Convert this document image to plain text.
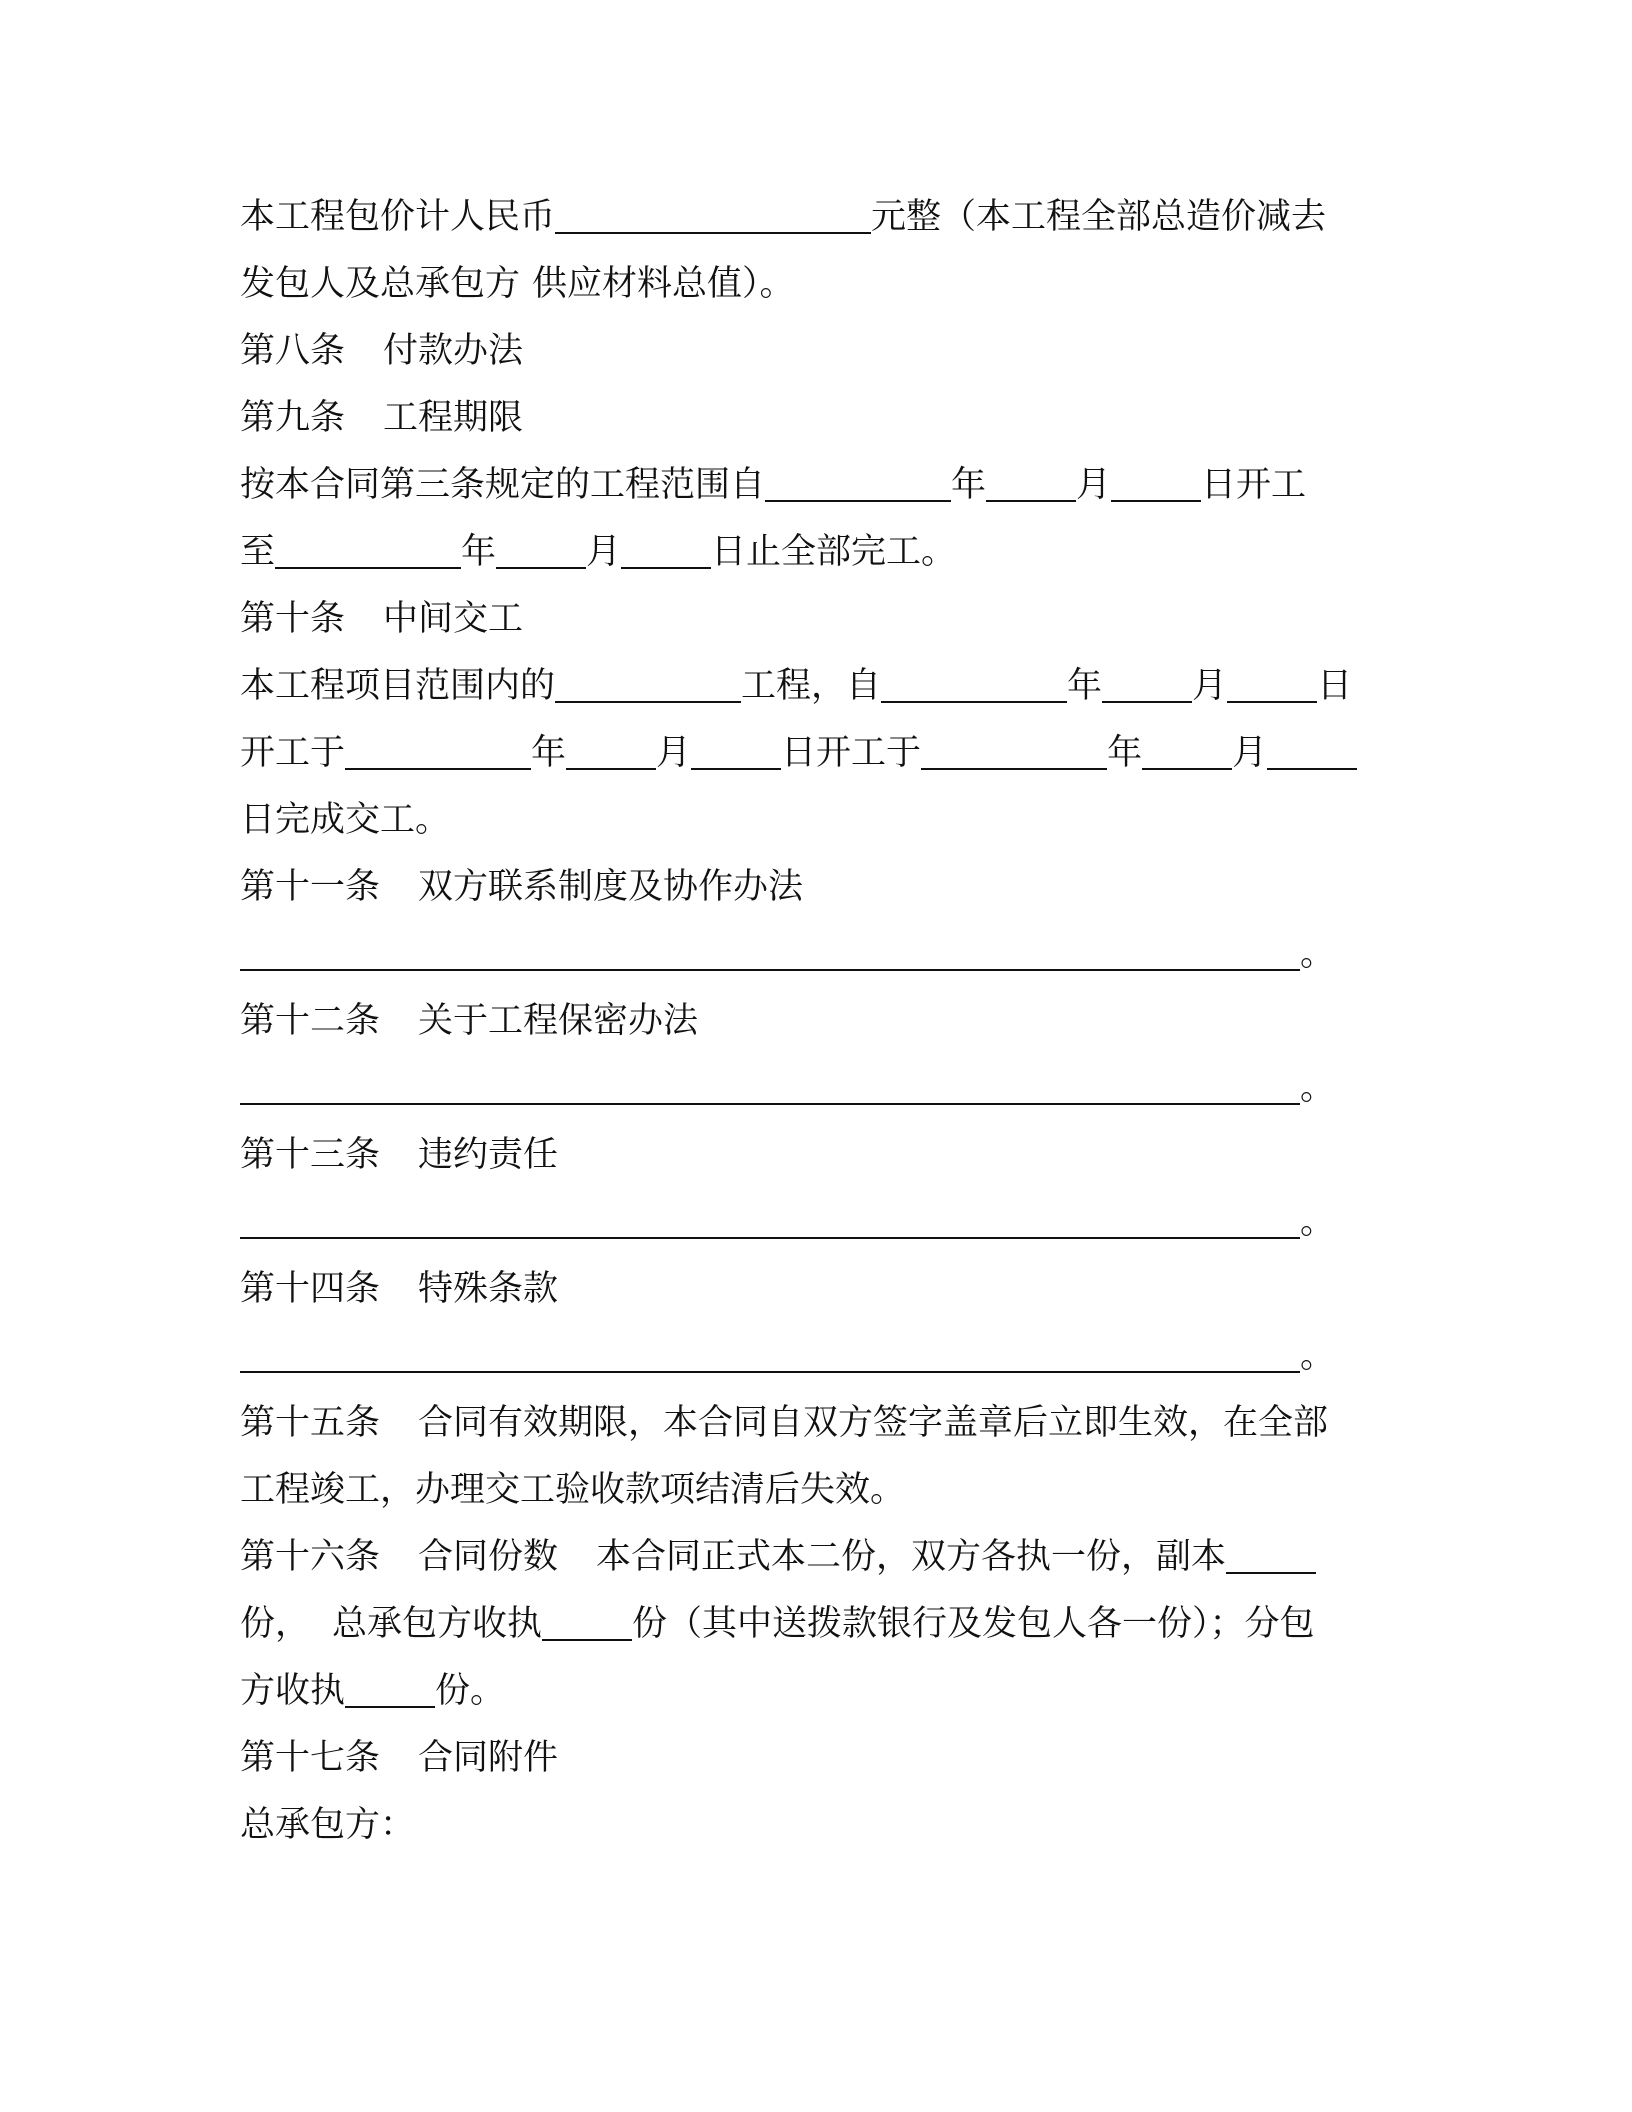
本工程包价计人民币	元整（本工程全部总造价减去
发包人及总承包方 供应材料总值）。
第八条 付款办法
第九条 工程期限
按本合同第三条规定的工程范围自	年	月	日开工
至	年	月	日止全部完工。
第十条 中间交工
本工程项目范围内的	工程，自	年	月	日
开工于	年	月	日开工于	年	月
日完成交工。
第十一条 双方联系制度及协作办法
。
第十二条 关于工程保密办法
。
第十三条 违约责任
。
第十四条 特殊条款
。
第十五条 合同有效期限，本合同自双方签字盖章后立即生效，在全部
工程竣工，办理交工验收款项结清后失效。
第十六条 合同份数 本合同正式本二份，双方各执一份，副本
份， 总承包方收执	份（其中送拨款银行及发包人各一份）；分包
方收执	份。
第十七条 合同附件
总承包方：
